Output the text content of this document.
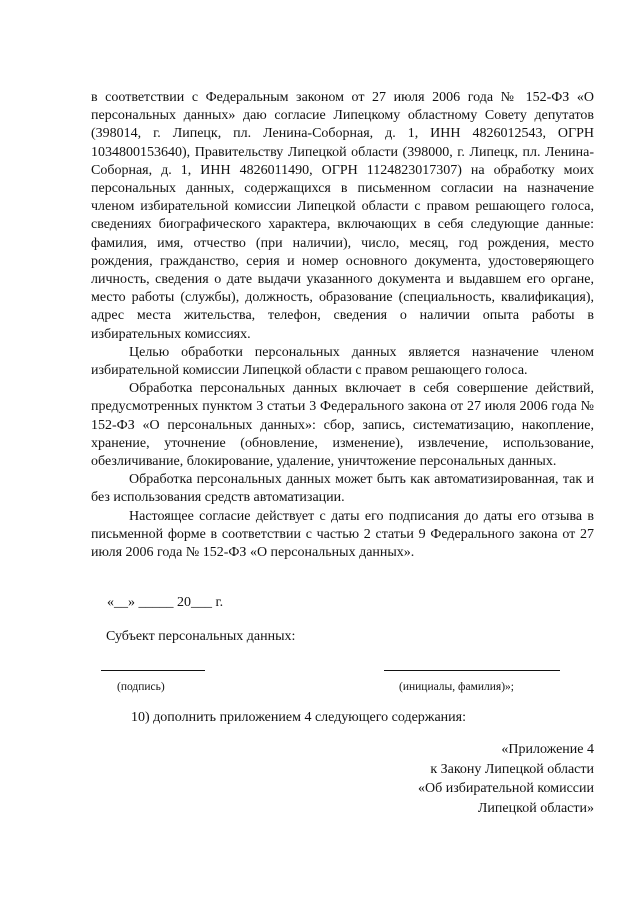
в соответствии с Федеральным законом от 27 июля 2006 года № 152-ФЗ «О персональных данных» даю согласие Липецкому областному Совету депутатов (398014, г. Липецк, пл. Ленина-Соборная, д. 1, ИНН 4826012543, ОГРН 1034800153640), Правительству Липецкой области (398000, г. Липецк, пл. Ленина-Соборная, д. 1, ИНН 4826011490, ОГРН 1124823017307) на обработку моих персональных данных, содержащихся в письменном согласии на назначение членом избирательной комиссии Липецкой области с правом решающего голоса, сведениях биографического характера, включающих в себя следующие данные: фамилия, имя, отчество (при наличии), число, месяц, год рождения, место рождения, гражданство, серия и номер основного документа, удостоверяющего личность, сведения о дате выдачи указанного документа и выдавшем его органе, место работы (службы), должность, образование (специальность, квалификация), адрес места жительства, телефон, сведения о наличии опыта работы в избирательных комиссиях.

Целью обработки персональных данных является назначение членом избирательной комиссии Липецкой области с правом решающего голоса.

Обработка персональных данных включает в себя совершение действий, предусмотренных пунктом 3 статьи 3 Федерального закона от 27 июля 2006 года № 152-ФЗ «О персональных данных»: сбор, запись, систематизацию, накопление, хранение, уточнение (обновление, изменение), извлечение, использование, обезличивание, блокирование, удаление, уничтожение персональных данных.

Обработка персональных данных может быть как автоматизированная, так и без использования средств автоматизации.

Настоящее согласие действует с даты его подписания до даты его отзыва в письменной форме в соответствии с частью 2 статьи 9 Федерального закона от 27 июля 2006 года № 152-ФЗ «О персональных данных».

«__» _____ 20___ г.
Субъект персональных данных:
(подпись)	(инициалы, фамилия)»;
10) дополнить приложением 4 следующего содержания:
«Приложение 4
к Закону Липецкой области
«Об избирательной комиссии
Липецкой области»
